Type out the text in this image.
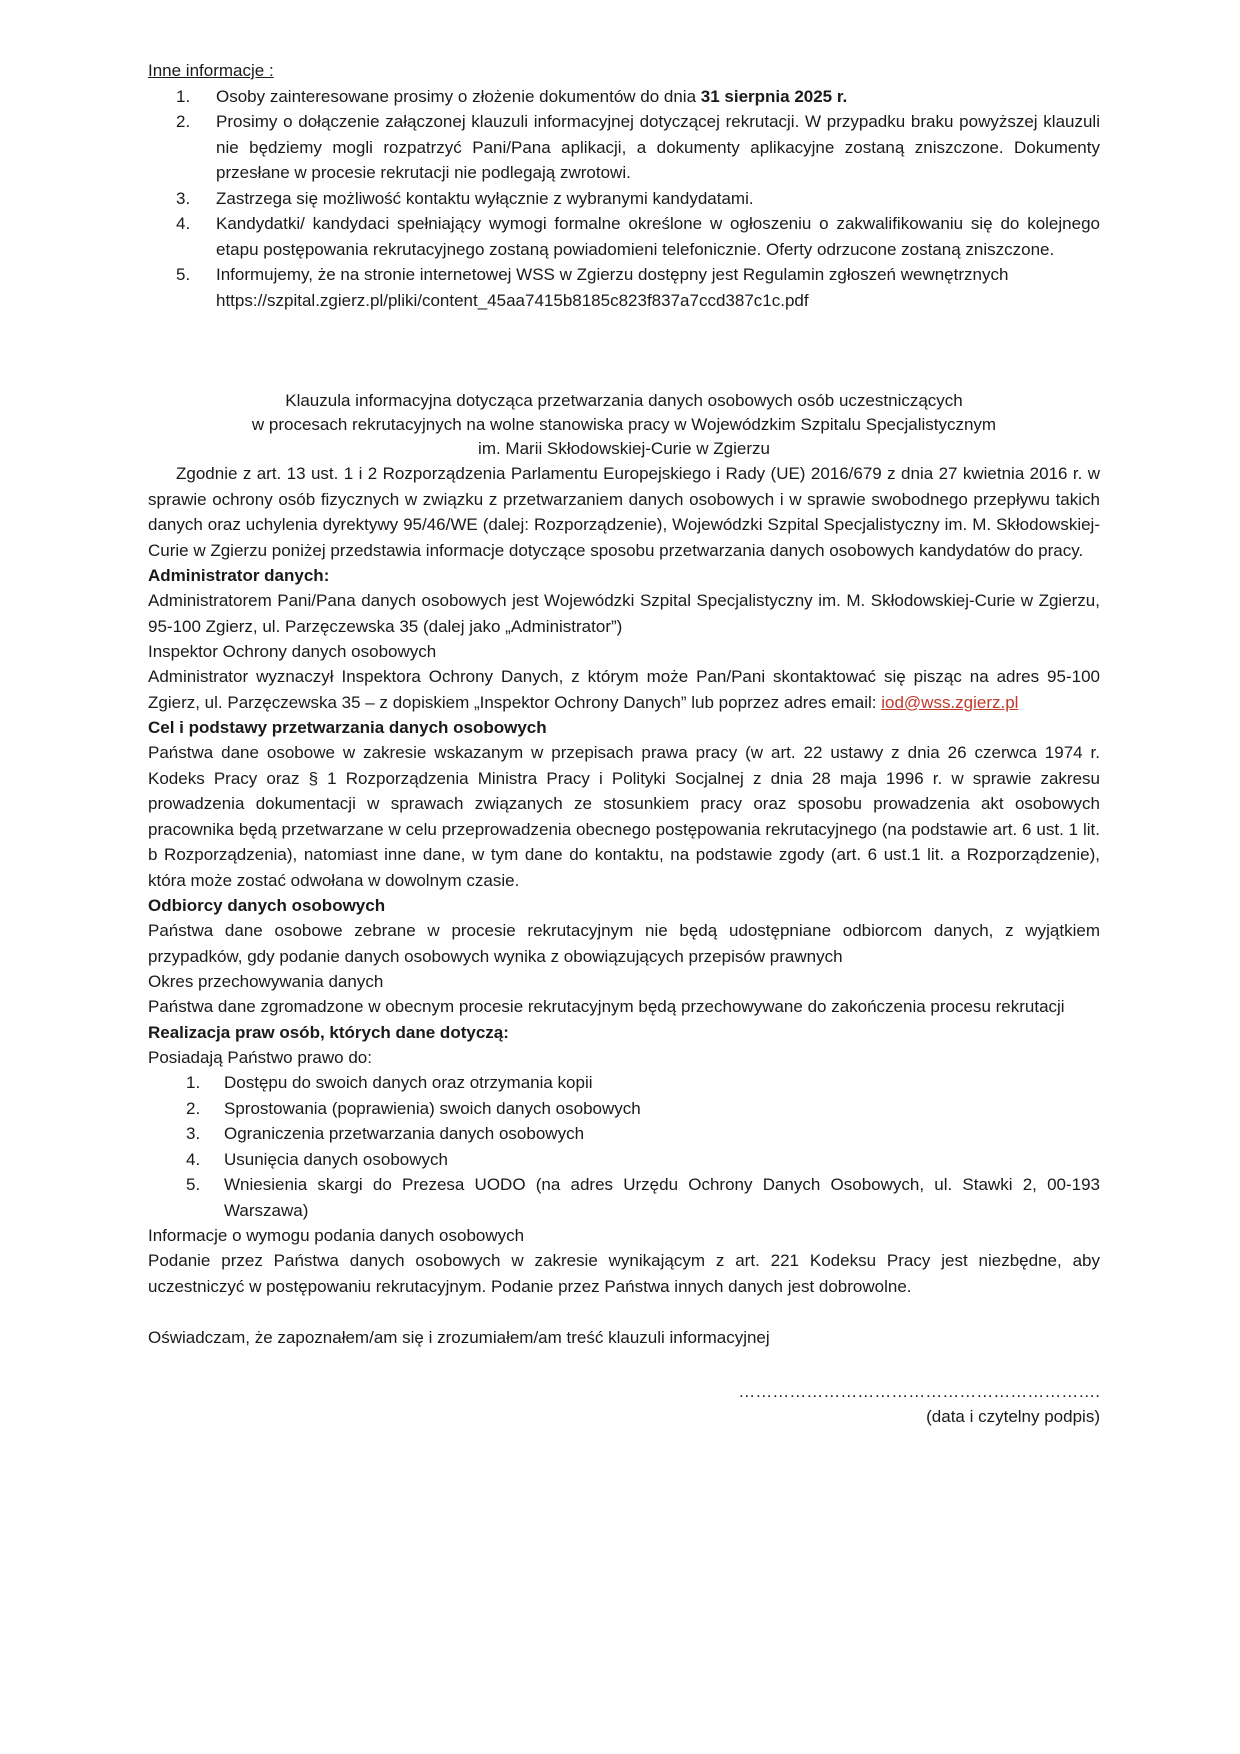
Inne informacje :
1. Osoby zainteresowane prosimy o złożenie dokumentów do dnia 31 sierpnia 2025 r.
2. Prosimy o dołączenie załączonej klauzuli informacyjnej dotyczącej rekrutacji. W przypadku braku powyższej klauzuli nie będziemy mogli rozpatrzyć Pani/Pana aplikacji, a dokumenty aplikacyjne zostaną zniszczone. Dokumenty przesłane w procesie rekrutacji nie podlegają zwrotowi.
3. Zastrzega się możliwość kontaktu wyłącznie z wybranymi kandydatami.
4. Kandydatki/ kandydaci spełniający wymogi formalne określone w ogłoszeniu o zakwalifikowaniu się do kolejnego etapu postępowania rekrutacyjnego zostaną powiadomieni telefonicznie. Oferty odrzucone zostaną zniszczone.
5. Informujemy, że na stronie internetowej WSS w Zgierzu dostępny jest Regulamin zgłoszeń wewnętrznych
https://szpital.zgierz.pl/pliki/content_45aa7415b8185c823f837a7ccd387c1c.pdf
Klauzula informacyjna dotycząca przetwarzania danych osobowych osób uczestniczących
w procesach rekrutacyjnych na wolne stanowiska pracy w Wojewódzkim Szpitalu Specjalistycznym
im. Marii Skłodowskiej-Curie w Zgierzu
Zgodnie z art. 13 ust. 1 i 2 Rozporządzenia Parlamentu Europejskiego i Rady (UE) 2016/679 z dnia 27 kwietnia 2016 r. w sprawie ochrony osób fizycznych w związku z przetwarzaniem danych osobowych i w sprawie swobodnego przepływu takich danych oraz uchylenia dyrektywy 95/46/WE (dalej: Rozporządzenie), Wojewódzki Szpital Specjalistyczny im. M. Skłodowskiej-Curie w Zgierzu poniżej przedstawia informacje dotyczące sposobu przetwarzania danych osobowych kandydatów do pracy.
Administrator danych:
Administratorem Pani/Pana danych osobowych jest Wojewódzki Szpital Specjalistyczny im. M. Skłodowskiej-Curie w Zgierzu, 95-100 Zgierz, ul. Parzęczewska 35 (dalej jako „Administrator”)
Inspektor Ochrony danych osobowych
Administrator wyznaczył Inspektora Ochrony Danych, z którym może Pan/Pani skontaktować się pisząc na adres 95-100 Zgierz, ul. Parzęczewska 35 – z dopiskiem „Inspektor Ochrony Danych” lub poprzez adres email: iod@wss.zgierz.pl
Cel i podstawy przetwarzania danych osobowych
Państwa dane osobowe w zakresie wskazanym w przepisach prawa pracy (w art. 22 ustawy z dnia 26 czerwca 1974 r. Kodeks Pracy oraz § 1 Rozporządzenia Ministra Pracy i Polityki Socjalnej z dnia 28 maja 1996 r. w sprawie zakresu prowadzenia dokumentacji w sprawach związanych ze stosunkiem pracy oraz sposobu prowadzenia akt osobowych pracownika będą przetwarzane w celu przeprowadzenia obecnego postępowania rekrutacyjnego (na podstawie art. 6 ust. 1 lit. b Rozporządzenia), natomiast inne dane, w tym dane do kontaktu, na podstawie zgody (art. 6 ust.1 lit. a Rozporządzenie), która może zostać odwołana w dowolnym czasie.
Odbiorcy danych osobowych
Państwa dane osobowe zebrane w procesie rekrutacyjnym nie będą udostępniane odbiorcom danych, z wyjątkiem przypadków, gdy podanie danych osobowych wynika z obowiązujących przepisów prawnych
Okres przechowywania danych
Państwa dane zgromadzone w obecnym procesie rekrutacyjnym będą przechowywane do zakończenia procesu rekrutacji
Realizacja praw osób, których dane dotyczą:
Posiadają Państwo prawo do:
1. Dostępu do swoich danych oraz otrzymania kopii
2. Sprostowania (poprawienia) swoich danych osobowych
3. Ograniczenia przetwarzania danych osobowych
4. Usunięcia danych osobowych
5. Wniesienia skargi do Prezesa UODO (na adres Urzędu Ochrony Danych Osobowych, ul. Stawki 2, 00-193 Warszawa)
Informacje o wymogu podania danych osobowych
Podanie przez Państwa danych osobowych w zakresie wynikającym z art. 221 Kodeksu Pracy jest niezbędne, aby uczestniczyć w postępowaniu rekrutacyjnym. Podanie przez Państwa innych danych jest dobrowolne.
Oświadczam, że zapoznałem/am się i zrozumiałem/am treść klauzuli informacyjnej
……………………………………………………….
(data i czytelny podpis)
